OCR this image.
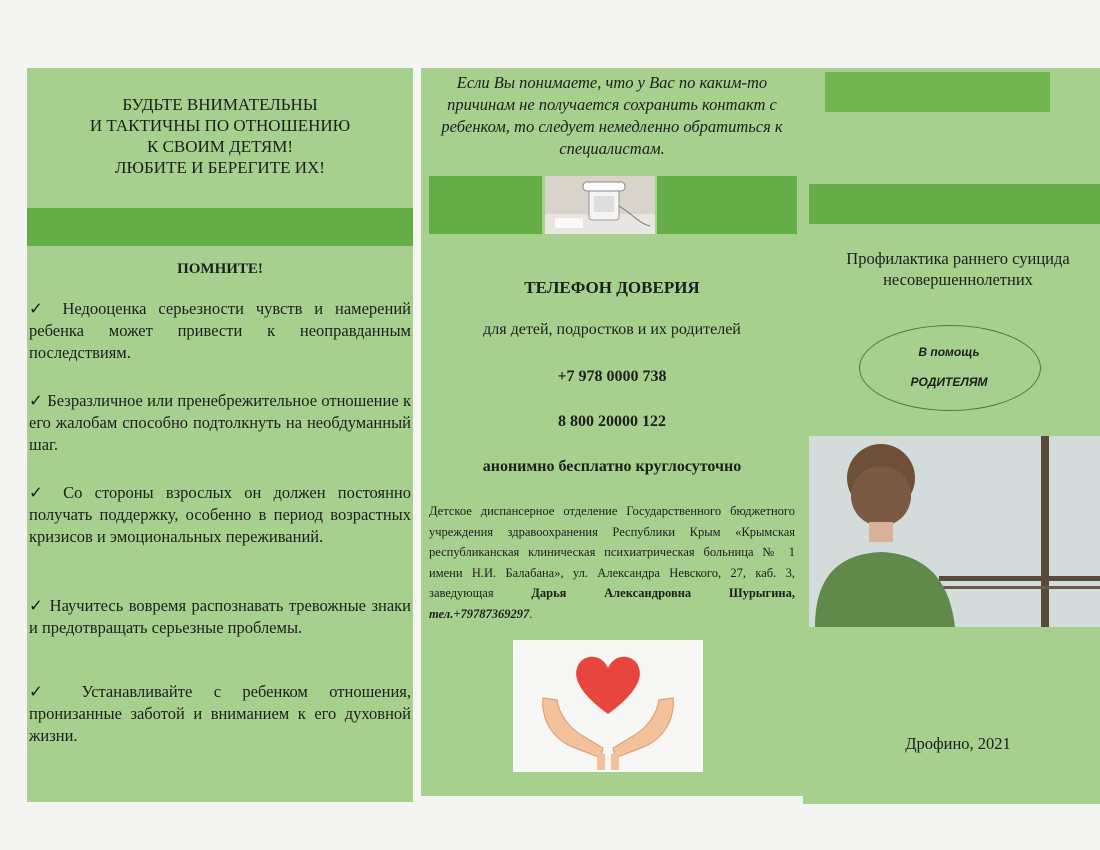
БУДЬТЕ ВНИМАТЕЛЬНЫ
И ТАКТИЧНЫ ПО ОТНОШЕНИЮ
К СВОИМ ДЕТЯМ!
ЛЮБИТЕ И БЕРЕГИТЕ ИХ!
ПОМНИТЕ!
✓ Недооценка серьезности чувств и намерений ребенка может привести к неоправданным последствиям.
✓ Безразличное или пренебрежительное отношение к его жалобам способно подтолкнуть на необдуманный шаг.
✓ Со стороны взрослых он должен постоянно получать поддержку, особенно в период возрастных кризисов и эмоциональных переживаний.
✓ Научитесь вовремя распознавать тревожные знаки и предотвращать серьезные проблемы.
✓ Устанавливайте с ребенком отношения, пронизанные заботой и вниманием к его духовной жизни.
Если Вы понимаете, что у Вас по каким-то причинам не получается сохранить контакт с ребенком, то следует немедленно обратиться к специалистам.
ТЕЛЕФОН ДОВЕРИЯ
для детей, подростков и их родителей
+7 978 0000 738
8 800 20000 122
анонимно бесплатно круглосуточно
Детское диспансерное отделение Государственного бюджетного учреждения здравоохранения Республики Крым «Крымская республиканская клиническая психиатрическая больница № 1 имени Н.И. Балабана», ул. Александра Невского, 27, каб. 3, заведующая Дарья Александровна Шурыгина, тел.+79787369297.
Профилактика раннего суицида несовершеннолетних
В помощь
РОДИТЕЛЯМ
Дрофино, 2021
